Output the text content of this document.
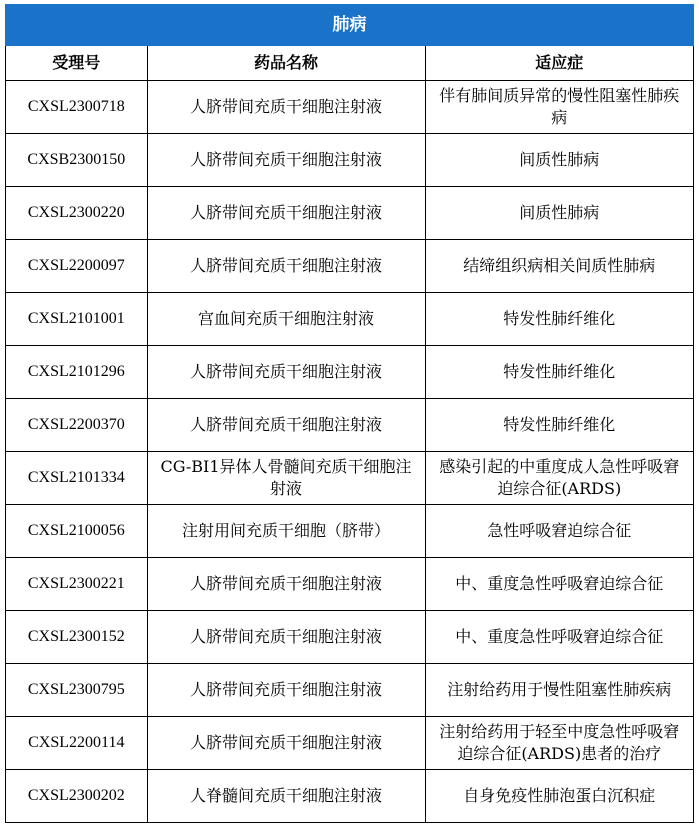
肺病		
受理号	药品名称	适应症
CXSL2300718	人脐带间充质干细胞注射液	伴有肺间质异常的慢性阻塞性肺疾病
CXSB2300150	人脐带间充质干细胞注射液	间质性肺病
CXSL2300220	人脐带间充质干细胞注射液	间质性肺病
CXSL2200097	人脐带间充质干细胞注射液	结缔组织病相关间质性肺病
CXSL2101001	宫血间充质干细胞注射液	特发性肺纤维化
CXSL2101296	人脐带间充质干细胞注射液	特发性肺纤维化
CXSL2200370	人脐带间充质干细胞注射液	特发性肺纤维化
CXSL2101334	CG-BI1异体人骨髓间充质干细胞注射液	感染引起的中重度成人急性呼吸窘迫综合征(ARDS)
CXSL2100056	注射用间充质干细胞（脐带）	急性呼吸窘迫综合征
CXSL2300221	人脐带间充质干细胞注射液	中、重度急性呼吸窘迫综合征
CXSL2300152	人脐带间充质干细胞注射液	中、重度急性呼吸窘迫综合征
CXSL2300795	人脐带间充质干细胞注射液	注射给药用于慢性阻塞性肺疾病
CXSL2200114	人脐带间充质干细胞注射液	注射给药用于轻至中度急性呼吸窘迫综合征(ARDS)患者的治疗
CXSL2300202	人脊髓间充质干细胞注射液	自身免疫性肺泡蛋白沉积症
